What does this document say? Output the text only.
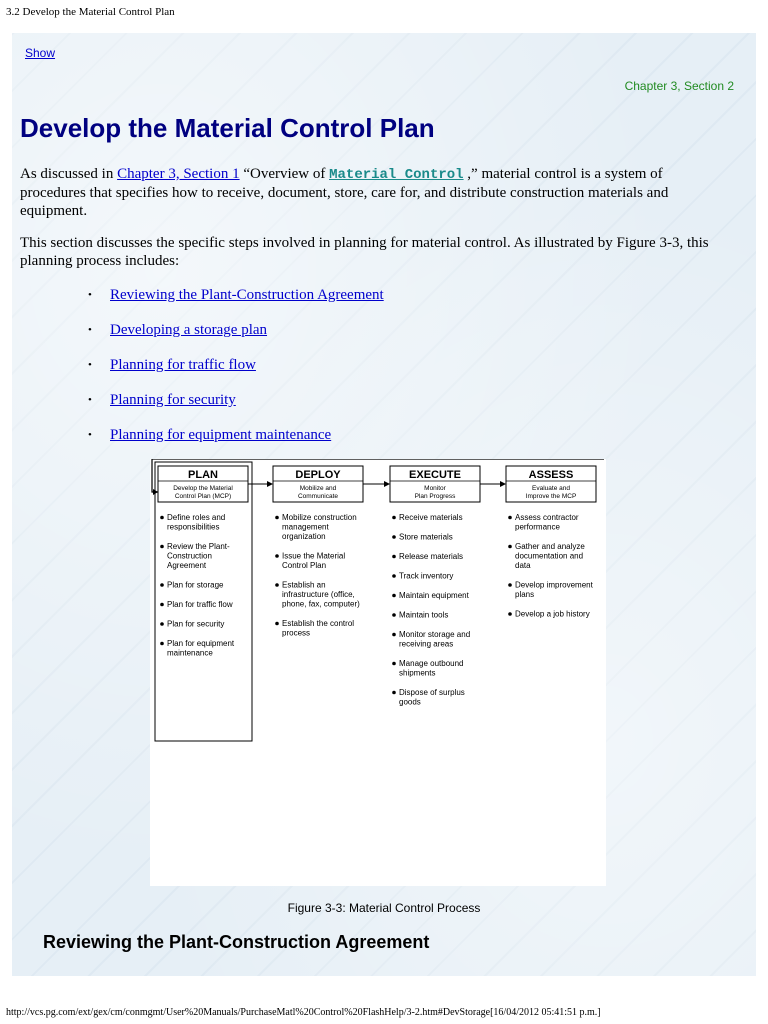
3.2 Develop the Material Control Plan
Show
Chapter 3, Section 2
Develop the Material Control Plan

As discussed in Chapter 3, Section 1 “Overview of Material Control ,” material control is a system of procedures that specifies how to receive, document, store, care for, and distribute construction materials and equipment.

This section discusses the specific steps involved in planning for material control. As illustrated by Figure 3-3, this planning process includes:

• Reviewing the Plant-Construction Agreement
• Developing a storage plan
• Planning for traffic flow
• Planning for security
• Planning for equipment maintenance
PLAN
Develop the Material
Control Plan (MCP)
Define roles and
responsibilities
Review the Plant-
Construction
Agreement
Plan for storage
Plan for traffic flow
Plan for security
Plan for equipment
maintenance
DEPLOY
Mobilize and
Communicate
Mobilize construction
management
organization
Issue the Material
Control Plan
Establish an
infrastructure (office,
phone, fax, computer)
Establish the control
process
EXECUTE
Monitor
Plan Progress
Receive materials
Store materials
Release materials
Track inventory
Maintain equipment
Maintain tools
Monitor storage and
receiving areas
Manage outbound
shipments
Dispose of surplus
goods
ASSESS
Evaluate and
Improve the MCP
Assess contractor
performance
Gather and analyze
documentation and
data
Develop improvement
plans
Develop a job history
Figure 3-3: Material Control Process
Reviewing the Plant-Construction Agreement
http://vcs.pg.com/ext/gex/cm/conmgmt/User%20Manuals/PurchaseMatl%20Control%20FlashHelp/3-2.htm#DevStorage[16/04/2012 05:41:51 p.m.]
